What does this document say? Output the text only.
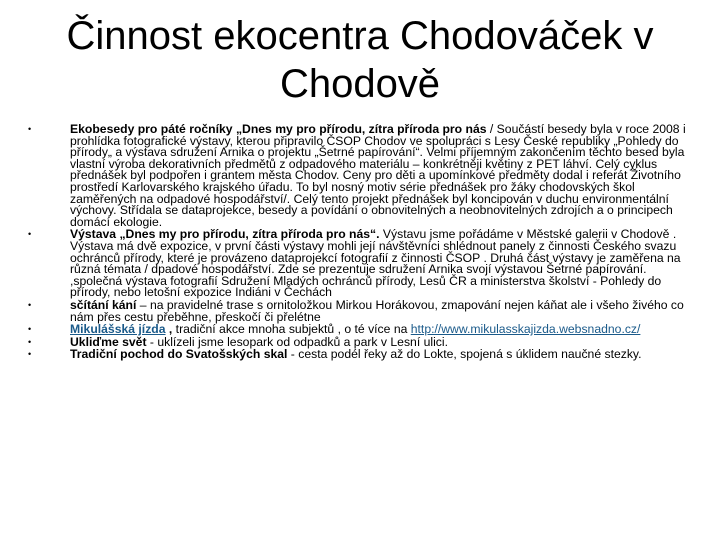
Činnost ekocentra Chodováček v Chodově
•	Ekobesedy pro páté ročníky „Dnes my pro přírodu, zítra příroda pro nás / Součástí besedy byla v roce 2008 i prohlídka fotografické výstavy, kterou připravilo ČSOP Chodov ve spolupráci s Lesy České republiky „Pohledy do přírody„ a výstava sdružení Arnika o projektu „Šetrné papírování“. Velmi příjemným zakončením těchto besed byla vlastní výroba dekorativních předmětů z odpadového materiálu – konkrétněji květiny z PET láhví. Celý cyklus přednášek byl podpořen i grantem města Chodov. Ceny pro děti a upomínkové předměty dodal i referát Životního prostředí Karlovarského krajského úřadu. To byl nosný motiv série přednášek pro žáky chodovských škol zaměřených na odpadové hospodářství/. Celý tento projekt přednášek byl koncipován v duchu environmentální výchovy. Střídala se dataprojekce, besedy a povídání o obnovitelných a neobnovitelných zdrojích a o principech domácí ekologie.
•	Výstava „Dnes my pro přírodu, zítra příroda pro nás“. Výstavu jsme pořádáme v Městské galerii v Chodově . Výstava má dvě expozice, v první části výstavy mohli její návštěvníci shlédnout panely z činnosti Českého svazu ochránců přírody, které je provázeno dataprojekcí fotografií z činnosti ČSOP . Druhá část výstavy je zaměřena na různá témata / dpadové hospodářství. Zde se prezentuje sdružení Arnika svojí výstavou Šetrné papírování. ,společná výstava fotografií Sdružení Mladých ochránců přírody, Lesů ČR a ministerstva školství - Pohledy do přírody, nebo letošní expozice Indiáni v Čechách
•	sčítání kání – na pravidelné trase s ornitoložkou Mirkou Horákovou, zmapování nejen káňat ale i všeho živého co nám přes cestu přeběhne, přeskočí či přelétne
•	Mikulášská jízda , tradiční akce mnoha subjektů , o té více na http://www.mikulasskajizda.websnadno.cz/
•	Ukliďme svět - uklízeli jsme lesopark od odpadků a park v Lesní ulici.
•	Tradiční pochod do Svatošských skal - cesta podél řeky až do Lokte, spojená s úklidem naučné stezky.
